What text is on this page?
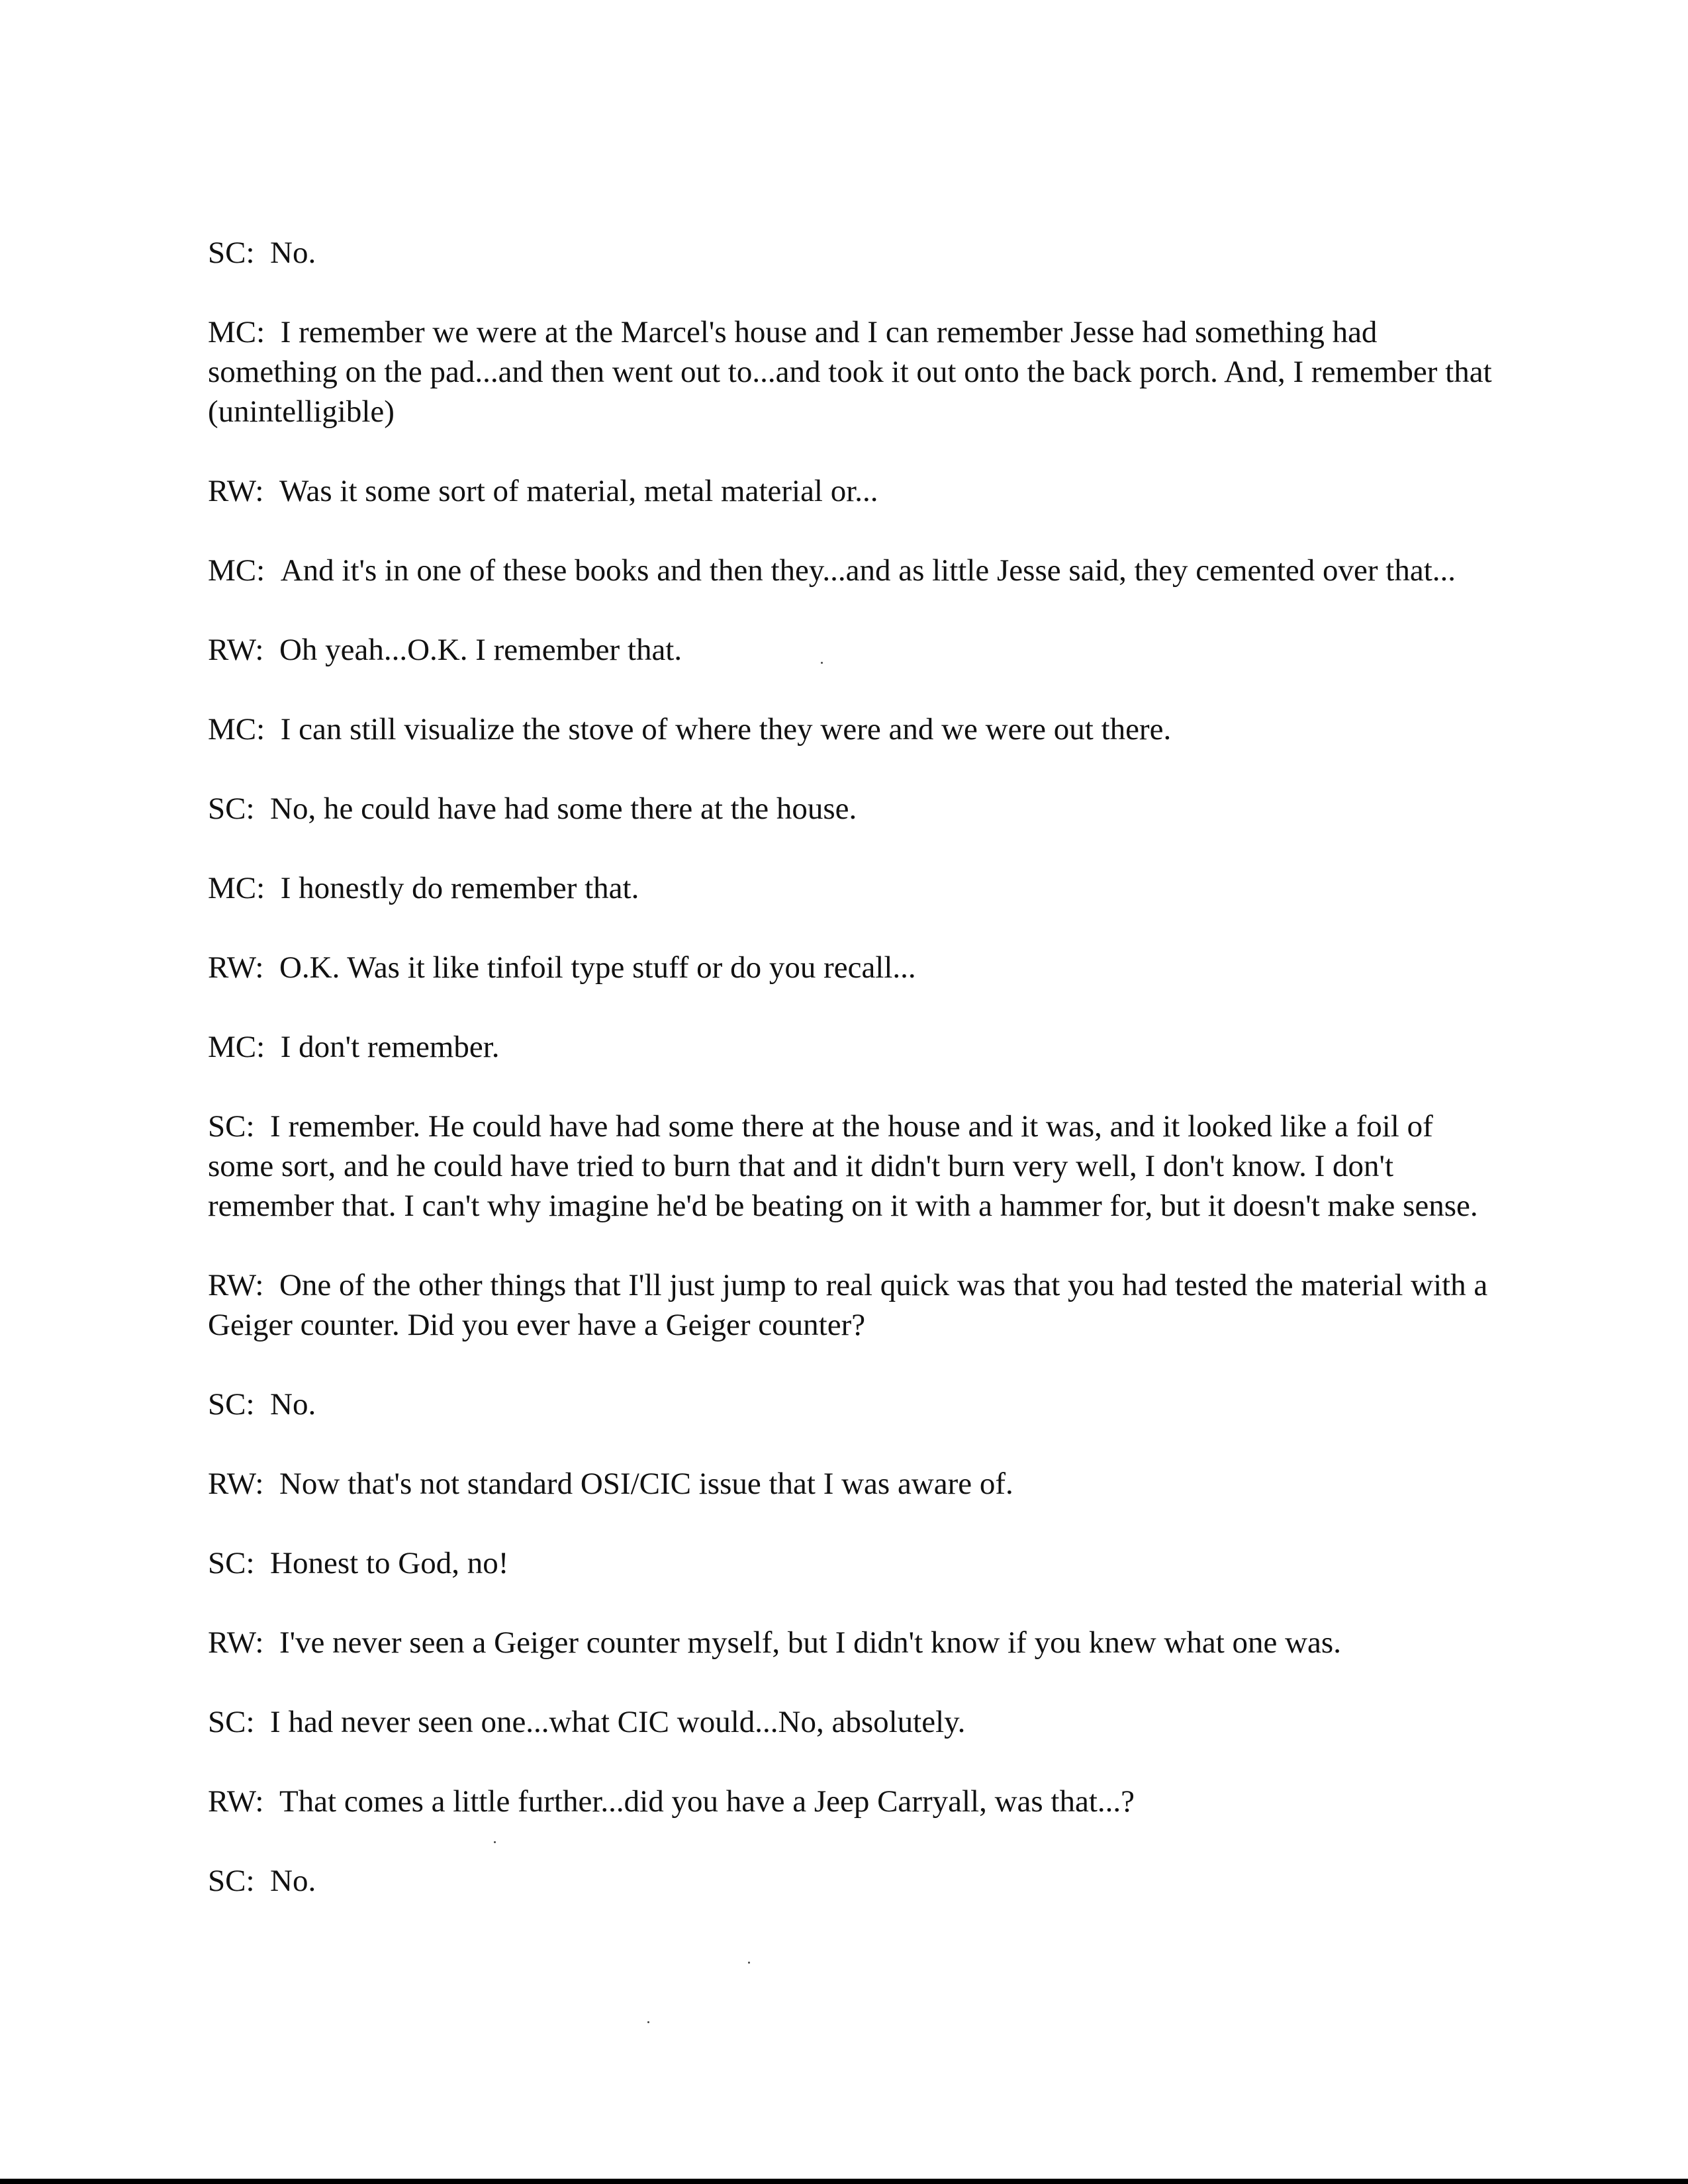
SC: No.

MC: I remember we were at the Marcel's house and I can remember Jesse had something had something on the pad...and then went out to...and took it out onto the back porch. And, I remember that (unintelligible)

RW: Was it some sort of material, metal material or...

MC: And it's in one of these books and then they...and as little Jesse said, they cemented over that...

RW: Oh yeah...O.K. I remember that.

MC: I can still visualize the stove of where they were and we were out there.

SC: No, he could have had some there at the house.

MC: I honestly do remember that.

RW: O.K. Was it like tinfoil type stuff or do you recall...

MC: I don't remember.

SC: I remember. He could have had some there at the house and it was, and it looked like a foil of some sort, and he could have tried to burn that and it didn't burn very well, I don't know. I don't remember that. I can't why imagine he'd be beating on it with a hammer for, but it doesn't make sense.

RW: One of the other things that I'll just jump to real quick was that you had tested the material with a Geiger counter. Did you ever have a Geiger counter?

SC: No.

RW: Now that's not standard OSI/CIC issue that I was aware of.

SC: Honest to God, no!

RW: I've never seen a Geiger counter myself, but I didn't know if you knew what one was.

SC: I had never seen one...what CIC would...No, absolutely.

RW: That comes a little further...did you have a Jeep Carryall, was that...?

SC: No.
